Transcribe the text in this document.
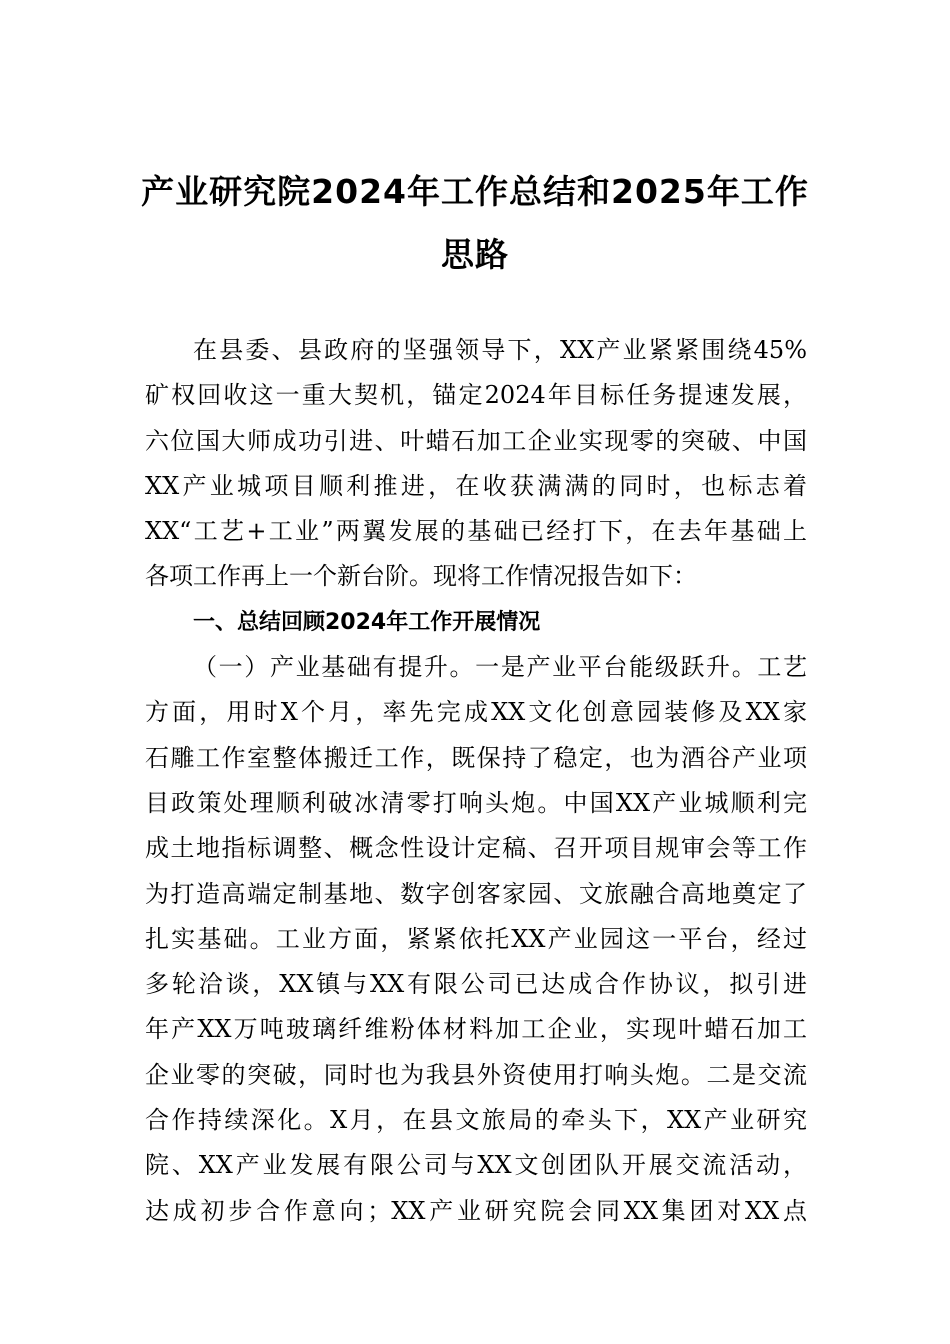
产业研究院2024年工作总结和2025年工作
思路
在县委、县政府的坚强领导下，XX产业紧紧围绕45%
矿权回收这一重大契机，锚定2024年目标任务提速发展，
六位国大师成功引进、叶蜡石加工企业实现零的突破、中国
XX产业城项目顺利推进，在收获满满的同时，也标志着
XX“工艺+工业”两翼发展的基础已经打下，在去年基础上
各项工作再上一个新台阶。现将工作情况报告如下：
一、总结回顾2024年工作开展情况
（一）产业基础有提升。一是产业平台能级跃升。工艺
方面，用时X个月，率先完成XX文化创意园装修及XX家
石雕工作室整体搬迁工作，既保持了稳定，也为酒谷产业项
目政策处理顺利破冰清零打响头炮。中国XX产业城顺利完
成土地指标调整、概念性设计定稿、召开项目规审会等工作
为打造高端定制基地、数字创客家园、文旅融合高地奠定了
扎实基础。工业方面，紧紧依托XX产业园这一平台，经过
多轮洽谈，XX镇与XX有限公司已达成合作协议，拟引进
年产XX万吨玻璃纤维粉体材料加工企业，实现叶蜡石加工
企业零的突破，同时也为我县外资使用打响头炮。二是交流
合作持续深化。X月，在县文旅局的牵头下，XX产业研究
院、XX产业发展有限公司与XX文创团队开展交流活动，
达成初步合作意向；XX产业研究院会同XX集团对XX点
